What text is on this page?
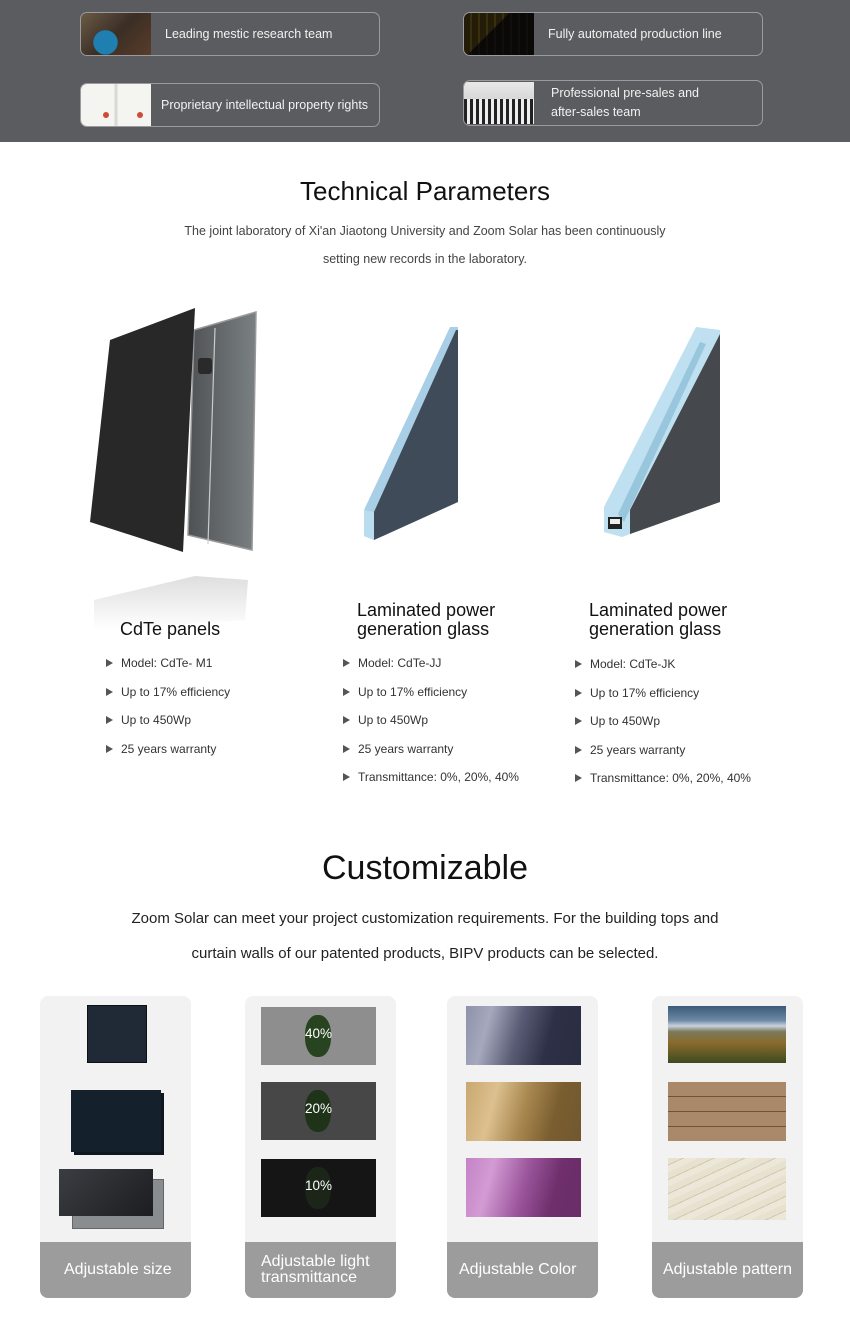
Leading mestic research team	Fully automated production line
Proprietary intellectual property rights
Professional pre-sales and
after-sales team
Technical Parameters

The joint laboratory of Xi'an Jiaotong University and Zoom Solar has been continuously

setting new records in the laboratory.

CdTe panels
Model: CdTe- M1
Up to 17% efficiency
Up to 450Wp
25 years warranty
Laminated power
generation glass
Model: CdTe-JJ
Up to 17% efficiency
Up to 450Wp
25 years warranty
Transmittance: 0%, 20%, 40%
Laminated power
generation glass
Model: CdTe-JK
Up to 17% efficiency
Up to 450Wp
25 years warranty
Transmittance: 0%, 20%, 40%
Customizable

Zoom Solar can meet your project customization requirements. For the building tops and

curtain walls of our patented products, BIPV products can be selected.

Adjustable size
40%
20%
10%
Adjustable light
transmittance	Adjustable Color	Adjustable pattern
